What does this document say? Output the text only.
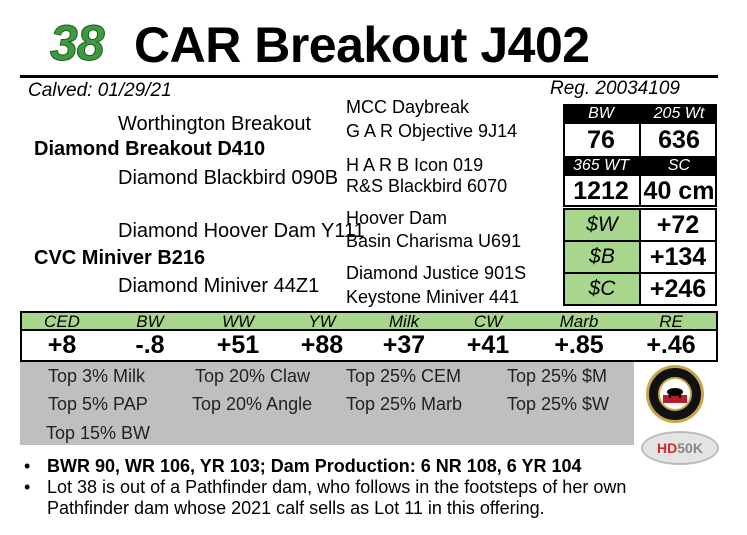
38 CAR Breakout J402
Calved: 01/29/21	Reg. 20034109
Worthington Breakout
Diamond Breakout D410
Diamond Blackbird 090B
MCC Daybreak
G A R Objective 9J14
H A R B Icon 019
R&S Blackbird 6070
Diamond Hoover Dam Y111
CVC Miniver B216
Diamond Miniver 44Z1
Hoover Dam
Basin Charisma U691
Diamond Justice 901S
Keystone Miniver 441
BW	205 Wt
76	636
365 WT	SC
1212 40 cm
$W	+72
$B	+134
$C	+246
CED	BW	WW	YW	Milk	CW	Marb	RE
+8	-.8	+51	+88	+37	+41	+.85	+.46
Top 3% Milk	Top 20% Claw Top 25% CEM	Top 25% $M
Top 5% PAP Top 20% Angle Top 25% Marb Top 25% $W
Top 15% BW
HD50K
• BWR 90, WR 106, YR 103; Dam Production: 6 NR 108, 6 YR 104
• Lot 38 is out of a Pathfinder dam, who follows in the footsteps of her own
Pathfinder dam whose 2021 calf sells as Lot 11 in this offering.
